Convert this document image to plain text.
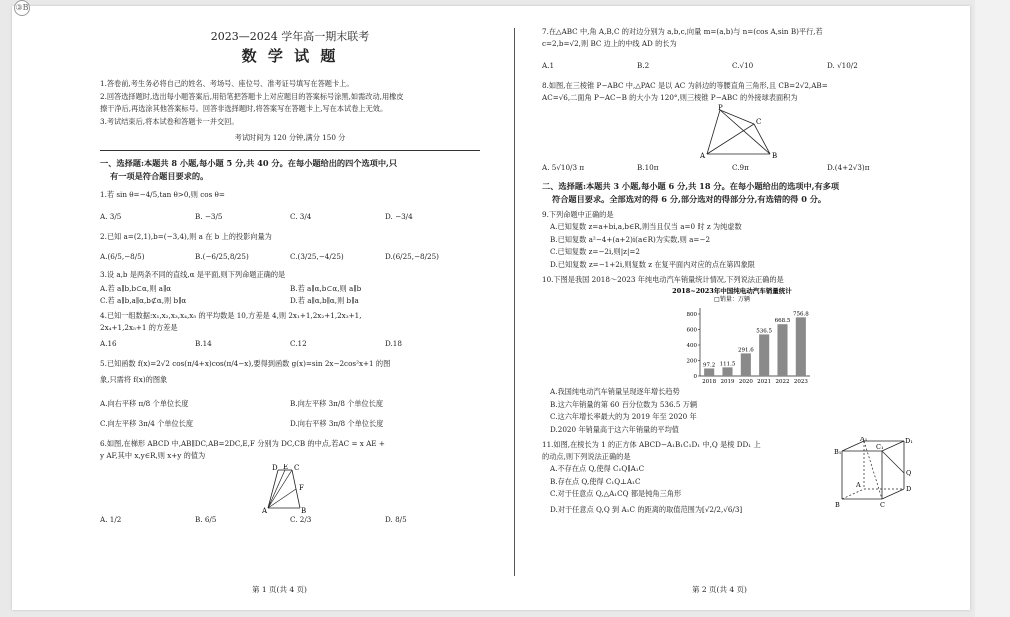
③B
2023—2024 学年高一期末联考
数 学 试 题
1.答卷前,考生务必将自己的姓名、考场号、座位号、准考证号填写在答题卡上。
2.回答选择题时,选出每小题答案后,用铅笔把答题卡上对应题目的答案标号涂黑,如需改动,用橡皮
擦干净后,再选涂其他答案标号。回答非选择题时,将答案写在答题卡上,写在本试卷上无效。
3.考试结束后,将本试卷和答题卡一并交回。
考试时间为 120 分钟,满分 150 分
一、选择题:本题共 8 小题,每小题 5 分,共 40 分。在每小题给出的四个选项中,只
有一项是符合题目要求的。
1.若 sin θ=−4/5,tan θ>0,则 cos θ=
A. 3/5	B. −3/5	C. 3/4	D. −3/4
2.已知 a=(2,1),b=(−3,4),则 a 在 b 上的投影向量为
A.(6/5,−8/5)	B.(−6/25,8/25)	C.(3/25,−4/25)	D.(6/25,−8/25)
3.设 a,b 是两条不同的直线,α 是平面,则下列命题正确的是
A.若 a∥b,b⊂α,则 a∥α	B.若 a∥α,b⊂α,则 a∥b
C.若 a∥b,a∥α,b⊄α,则 b∥α	D.若 a∥α,b∥α,则 b∥a
4.已知一组数据:x₁,x₂,x₃,x₄,x₅ 的平均数是 10,方差是 4,则 2x₁+1,2x₂+1,2x₃+1,
2x₄+1,2x₅+1 的方差是
A.16	B.14	C.12	D.18
5.已知函数 f(x)=2√2 cos(π/4+x)cos(π/4−x),要得到函数 g(x)=sin 2x−2cos²x+1 的图
象,只需将 f(x)的图象
A.向右平移 π/8 个单位长度	B.向左平移 3π/8 个单位长度
C.向左平移 3π/4 个单位长度	D.向右平移 3π/8 个单位长度
6.如图,在梯形 ABCD 中,AB∥DC,AB=2DC,E,F 分别为 DC,CB 的中点,若AC = x AE +
y AF,其中 x,y∈R,则 x+y 的值为
D E C
F
A	B
A. 1/2	B. 6/5	C. 2/3	D. 8/5
第 1 页(共 4 页)
7.在△ABC 中,角 A,B,C 的对边分别为 a,b,c,向量 m=(a,b)与 n=(cos A,sin B)平行,若
c=2,b=√2,则 BC 边上的中线 AD 的长为
A.1	B.2	C.√10	D. √10/2
8.如图,在三棱锥 P−ABC 中,△PAC 是以 AC 为斜边的等腰直角三角形,且 CB=2√2,AB=
AC=√6,二面角 P−AC−B 的大小为 120°,则三棱锥 P−ABC 的外接球表面积为
P
C
A	B
A. 5√10/3 π	B.10π	C.9π	D.(4+2√3)π
二、选择题:本题共 3 小题,每小题 6 分,共 18 分。在每小题给出的选项中,有多项
符合题目要求。全部选对的得 6 分,部分选对的得部分分,有选错的得 0 分。
9.下列命题中正确的是
A.已知复数 z=a+bi,a,b∈R,则当且仅当 a=0 时 z 为纯虚数
B.已知复数 a²−4+(a+2)i(a∈R)为实数,则 a=−2
C.已知复数 z=−2i,则|z|=2
D.已知复数 z=−1+2i,则复数 z 在复平面内对应的点在第四象限
10.下图是我国 2018～2023 年纯电动汽车销量统计情况,下列说法正确的是
2018~2023年中国纯电动汽车销量统计
□销量：万辆
800
600
400
200
0
97.2
2018
111.5
2019
291.6
2020
536.5
2021
668.5
2022
756.8
2023
A.我国纯电动汽车销量呈现逐年增长趋势
B.这六年销量的第 60 百分位数为 536.5 万辆
C.这六年增长率最大的为 2019 年至 2020 年
D.2020 年销量高于这六年销量的平均值
11.如图,在棱长为 1 的正方体 ABCD−A₁B₁C₁D₁ 中,Q 是棱 DD₁ 上
的动点,则下列说法正确的是
A.不存在点 Q,使得 C₁Q∥A₁C
B.存在点 Q,使得 C₁Q⊥A₁C
C.对于任意点 Q,△A₁CQ 都是钝角三角形
D.对于任意点 Q,Q 到 A₁C 的距离的取值范围为[√2/2,√6/3]
A₁	D₁
B₁
C₁
Q
A	D
B	C
第 2 页(共 4 页)
